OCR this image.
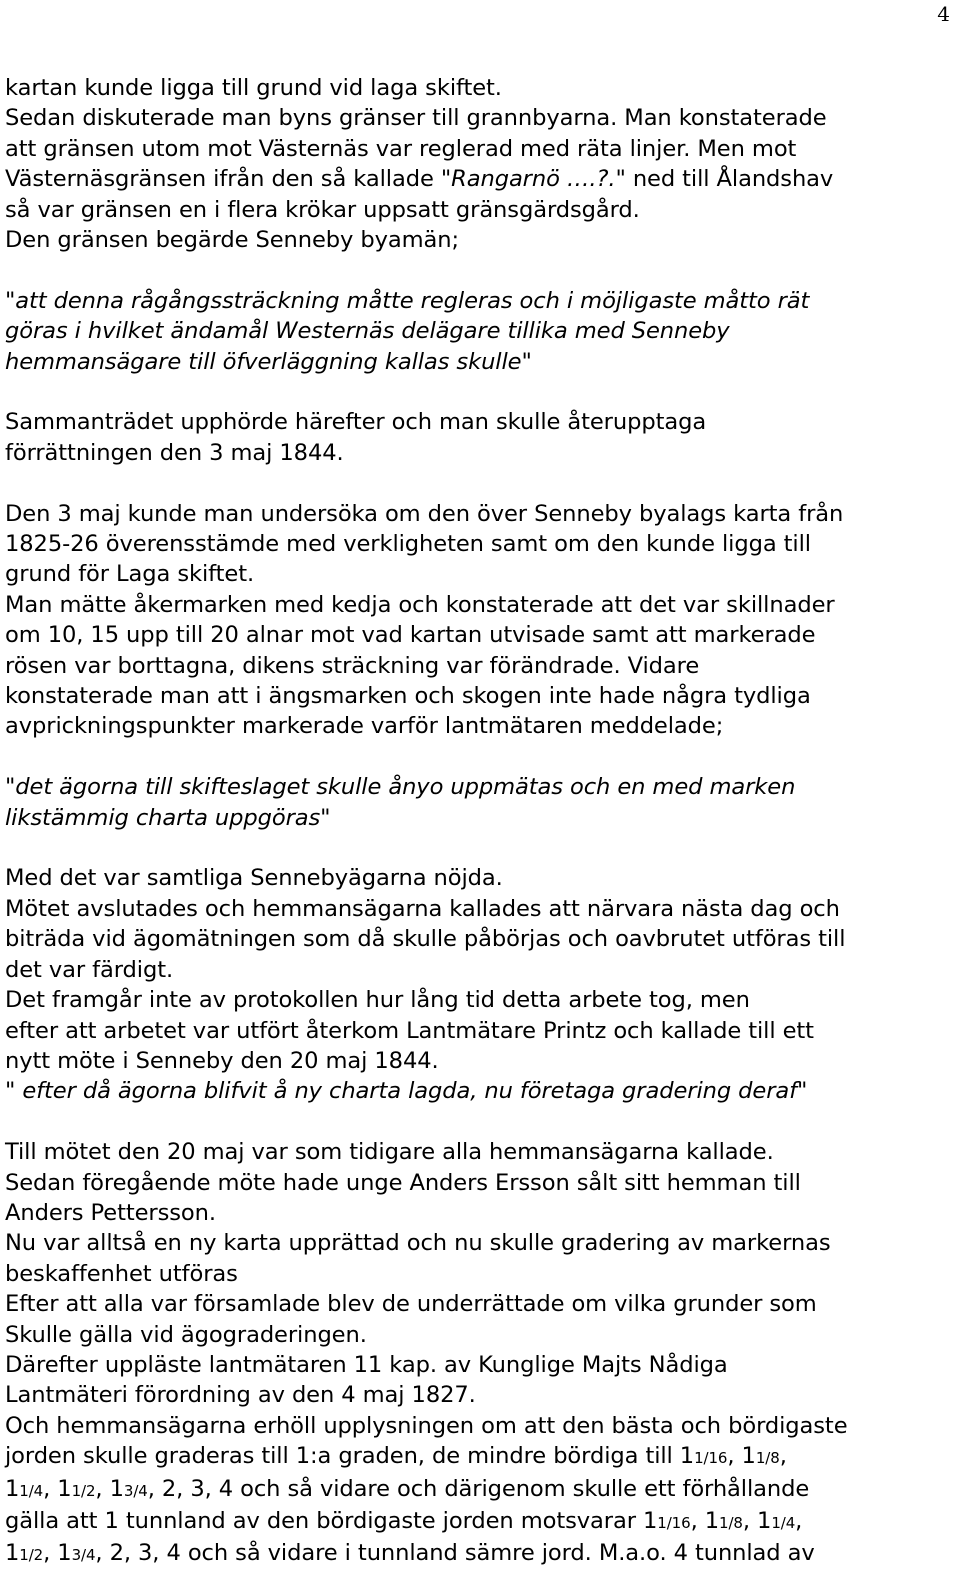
4
kartan kunde ligga till grund vid laga skiftet.
Sedan diskuterade man byns gränser till grannbyarna. Man konstaterade
att gränsen utom mot Västernäs var reglerad med räta linjer. Men mot
Västernäsgränsen ifrån den så kallade "Rangarnö ….?." ned till Ålandshav
så var gränsen en i flera krökar uppsatt gränsgärdsgård.
Den gränsen begärde Senneby byamän;
"att denna rågångssträckning måtte regleras och i möjligaste måtto rät
göras i hvilket ändamål Westernäs delägare tillika med Senneby
hemmansägare till öfverläggning kallas skulle"
Sammanträdet upphörde härefter och man skulle återupptaga
förrättningen den 3 maj 1844.
Den 3 maj kunde man undersöka om den över Senneby byalags karta från
1825-26 överensstämde med verkligheten samt om den kunde ligga till
grund för Laga skiftet.
Man mätte åkermarken med kedja och konstaterade att det var skillnader
om 10, 15 upp till 20 alnar mot vad kartan utvisade samt att markerade
rösen var borttagna, dikens sträckning var förändrade. Vidare
konstaterade man att i ängsmarken och skogen inte hade några tydliga
avprickningspunkter markerade varför lantmätaren meddelade;
"det ägorna till skifteslaget skulle ånyo uppmätas och en med marken
likstämmig charta uppgöras"
Med det var samtliga Sennebyägarna nöjda.
Mötet avslutades och hemmansägarna kallades att närvara nästa dag och
biträda vid ägomätningen som då skulle påbörjas och oavbrutet utföras till
det var färdigt.
Det framgår inte av protokollen hur lång tid detta arbete tog, men
efter att arbetet var utfört återkom Lantmätare Printz och kallade till ett
nytt möte i Senneby den 20 maj 1844.
" efter då ägorna blifvit å ny charta lagda, nu företaga gradering deraf"
Till mötet den 20 maj var som tidigare alla hemmansägarna kallade.
Sedan föregående möte hade unge Anders Ersson sålt sitt hemman till
Anders Pettersson.
Nu var alltså en ny karta upprättad och nu skulle gradering av markernas
beskaffenhet utföras
Efter att alla var församlade blev de underrättade om vilka grunder som
Skulle gälla vid ägograderingen.
Därefter uppläste lantmätaren 11 kap. av Kunglige Majts Nådiga
Lantmäteri förordning av den 4 maj 1827.
Och hemmansägarna erhöll upplysningen om att den bästa och bördigaste
jorden skulle graderas till 1:a graden, de mindre bördiga till 11/16, 11/8,
11/4, 11/2, 13/4, 2, 3, 4 och så vidare och därigenom skulle ett förhållande
gälla att 1 tunnland av den bördigaste jorden motsvarar 11/16, 11/8, 11/4,
11/2, 13/4, 2, 3, 4 och så vidare i tunnland sämre jord. M.a.o. 4 tunnlad av
